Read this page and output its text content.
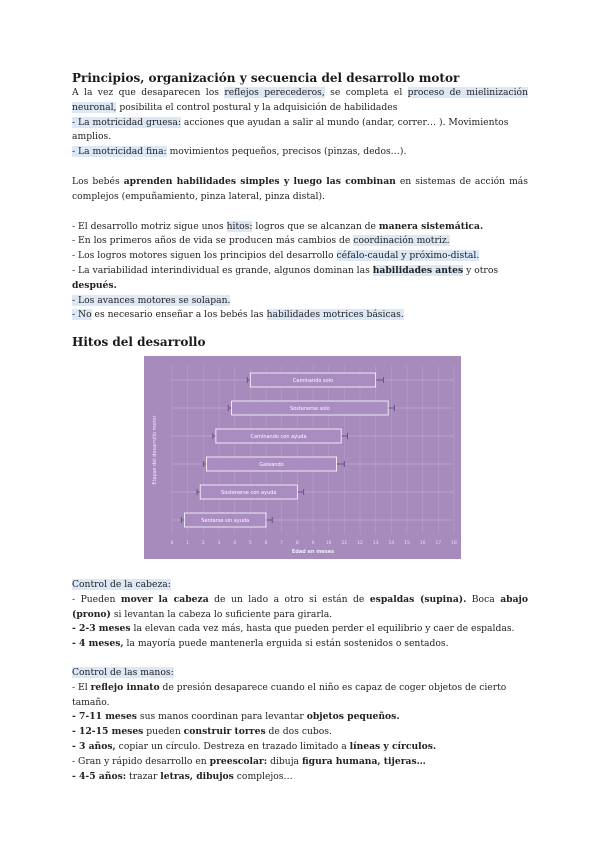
Principios, organización y secuencia del desarrollo motor

A la vez que desaparecen los reflejos perecederos, se completa el proceso de mielinización neuronal, posibilita el control postural y la adquisición de habilidades

- La motricidad gruesa: acciones que ayudan a salir al mundo (andar, correr… ). Movimientos amplios.

- La motricidad fina: movimientos pequeños, precisos (pinzas, dedos…).

Los bebés aprenden habilidades simples y luego las combinan en sistemas de acción más complejos (empuñamiento, pinza lateral, pinza distal).

- El desarrollo motriz sigue unos hitos: logros que se alcanzan de manera sistemática.

- En los primeros años de vida se producen más cambios de coordinación motriz.

- Los logros motores siguen los principios del desarrollo céfalo-caudal y próximo-distal.

- La variabilidad interindividual es grande, algunos dominan las habilidades antes y otros después.

- Los avances motores se solapan.

- No es necesario enseñar a los bebés las habilidades motrices básicas.

Hitos del desarrollo
Caminando solo
Sostenerse solo
Caminando con ayuda
Gateando
Sostenerse con ayuda
Sentarse sin ayuda
0	1	2	3	4	5	6	7	8	9	10 11 12 13 14 15 16 17 18
Edad en meses
Etapas del desarrollo motor

Control de la cabeza:

- Pueden mover la cabeza de un lado a otro si están de espaldas (supina). Boca abajo (prono) si levantan la cabeza lo suficiente para girarla.

- 2-3 meses la elevan cada vez más, hasta que pueden perder el equilibrio y caer de espaldas.

- 4 meses, la mayoría puede mantenerla erguida si están sostenidos o sentados.

Control de las manos:

- El reflejo innato de presión desaparece cuando el niño es capaz de coger objetos de cierto tamaño.

- 7-11 meses sus manos coordinan para levantar objetos pequeños.

- 12-15 meses pueden construir torres de dos cubos.

- 3 años, copiar un círculo. Destreza en trazado limitado a líneas y círculos.

- Gran y rápido desarrollo en preescolar: dibuja figura humana, tijeras…

- 4-5 años: trazar letras, dibujos complejos…
